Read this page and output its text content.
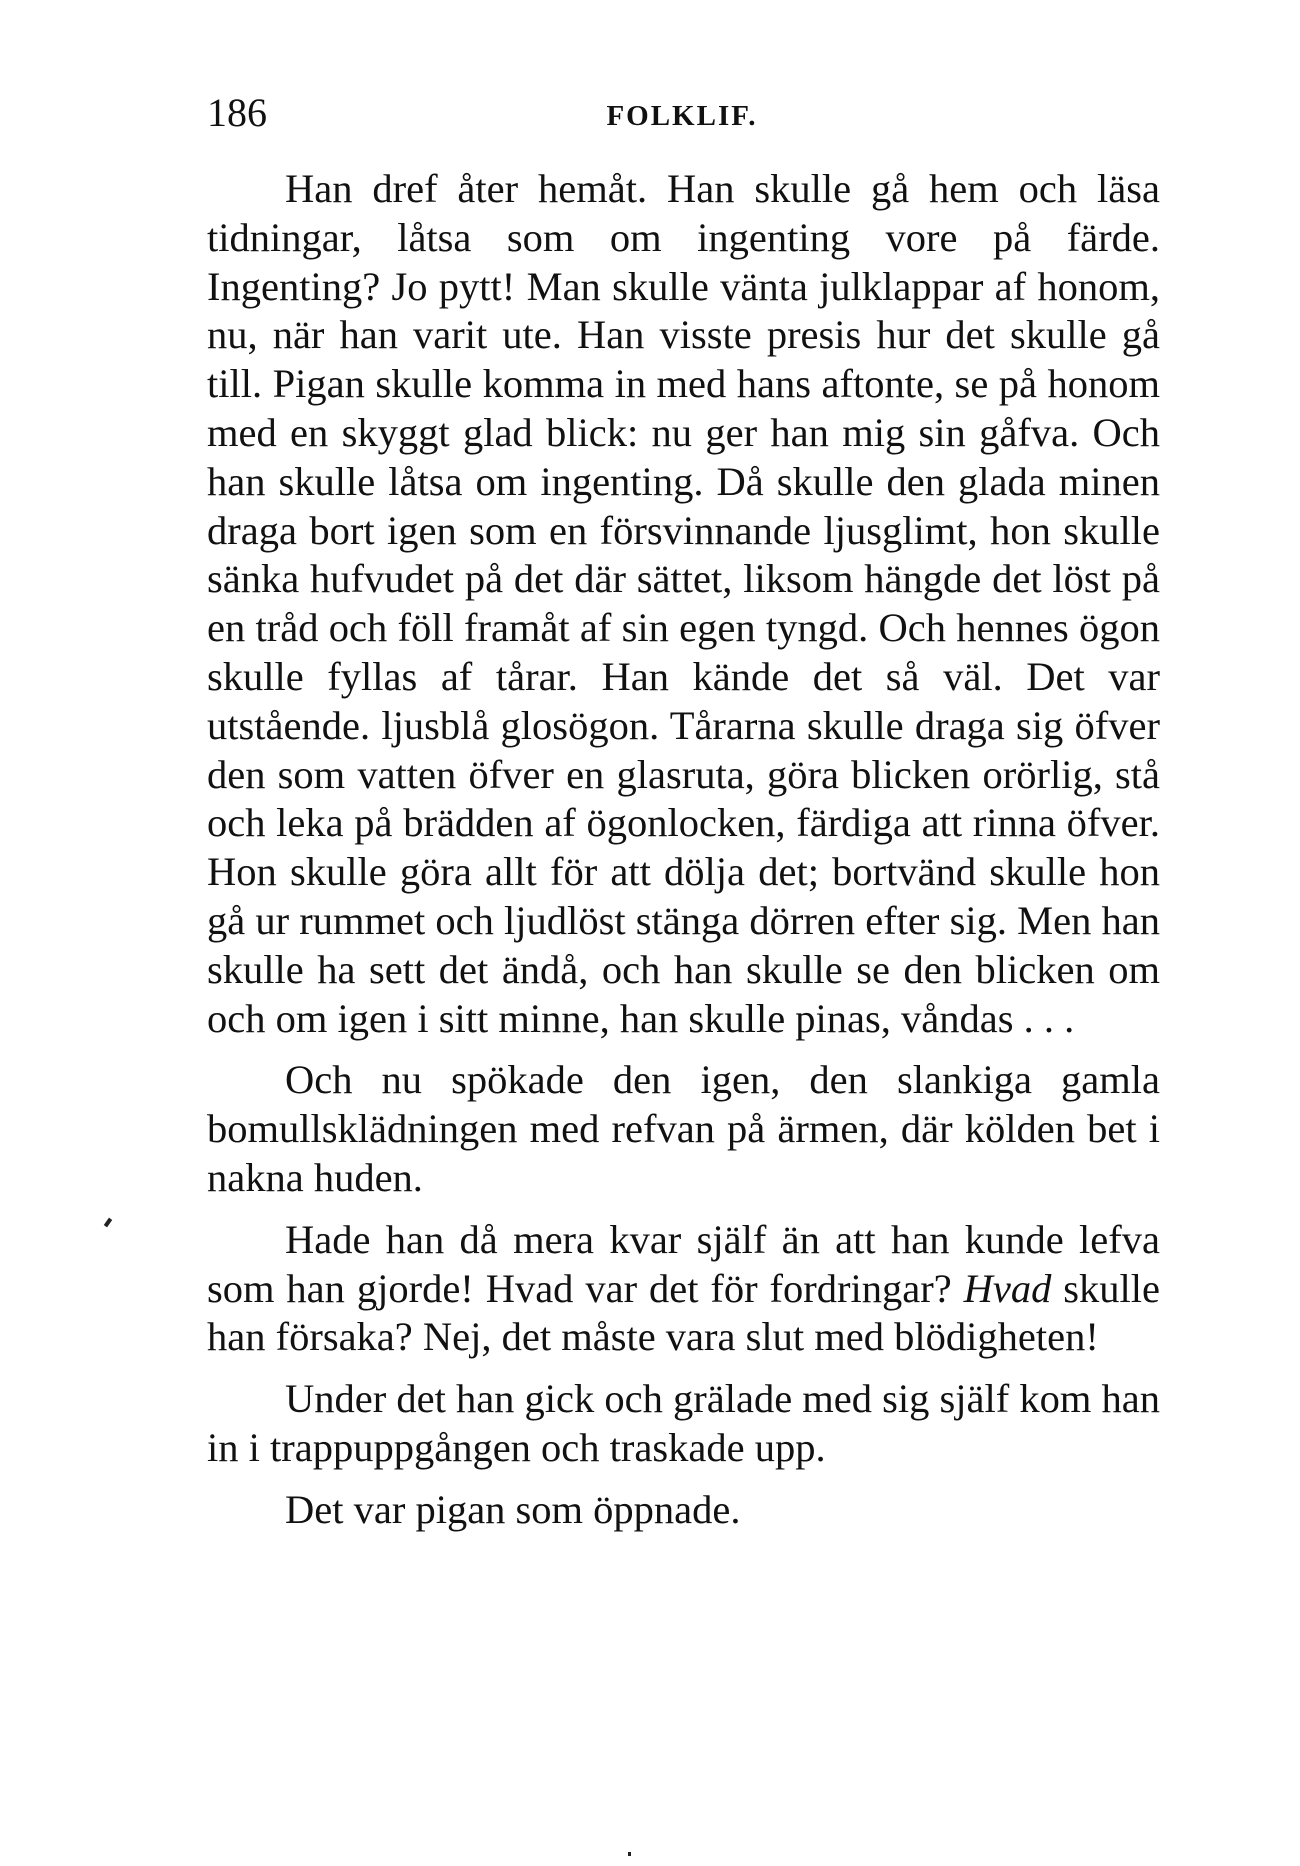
186	FOLKLIF.

Han dref åter hemåt. Han skulle gå hem och läsa tidningar, låtsa som om ingenting vore på färde. Ingenting? Jo pytt! Man skulle vänta julklappar af honom, nu, när han varit ute. Han visste presis hur det skulle gå till. Pigan skulle komma in med hans aftonte, se på honom med en skyggt glad blick: nu ger han mig sin gåfva. Och han skulle låtsa om ingenting. Då skulle den glada minen draga bort igen som en försvinnande ljusglimt, hon skulle sänka hufvudet på det där sättet, liksom hängde det löst på en tråd och föll framåt af sin egen tyngd. Och hennes ögon skulle fyllas af tårar. Han kände det så väl. Det var utstående. ljusblå glosögon. Tårarna skulle draga sig öfver den som vatten öfver en glasruta, göra blicken orörlig, stå och leka på brädden af ögonlocken, färdiga att rinna öfver. Hon skulle göra allt för att dölja det; bortvänd skulle hon gå ur rummet och ljudlöst stänga dörren efter sig. Men han skulle ha sett det ändå, och han skulle se den blicken om och om igen i sitt minne, han skulle pinas, våndas . . .

Och nu spökade den igen, den slankiga gamla bomullsklädningen med refvan på ärmen, där kölden bet i nakna huden.

Hade han då mera kvar själf än att han kunde lefva som han gjorde! Hvad var det för fordringar? Hvad skulle han försaka? Nej, det måste vara slut med blödigheten!

Under det han gick och grälade med sig själf kom han in i trappuppgången och traskade upp.

Det var pigan som öppnade.
